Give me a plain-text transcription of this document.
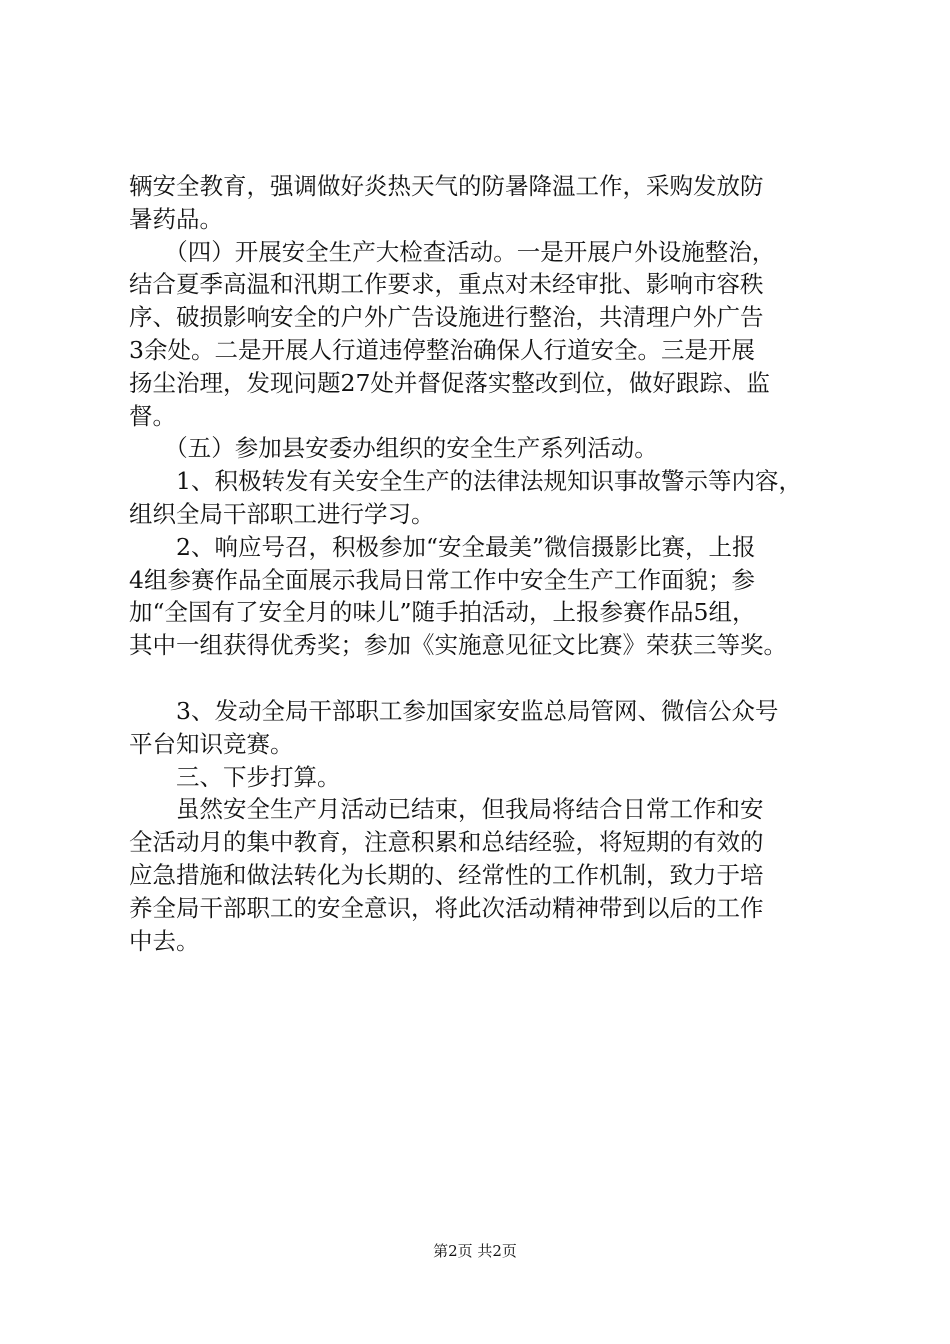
辆安全教育，强调做好炎热天气的防暑降温工作，采购发放防
暑药品。
　　（四）开展安全生产大检查活动。一是开展户外设施整治，
结合夏季高温和汛期工作要求，重点对未经审批、影响市容秩
序、破损影响安全的户外广告设施进行整治，共清理户外广告
3余处。二是开展人行道违停整治确保人行道安全。三是开展
扬尘治理，发现问题27处并督促落实整改到位，做好跟踪、监
督。
　　（五）参加县安委办组织的安全生产系列活动。
　　1、积极转发有关安全生产的法律法规知识事故警示等内容，
组织全局干部职工进行学习。
　　2、响应号召，积极参加“安全最美”微信摄影比赛，上报
4组参赛作品全面展示我局日常工作中安全生产工作面貌；参
加“全国有了安全月的味儿”随手拍活动，上报参赛作品5组，
其中一组获得优秀奖；参加《实施意见征文比赛》荣获三等奖。
　　3、发动全局干部职工参加国家安监总局管网、微信公众号
平台知识竞赛。
　　三、下步打算。
　　虽然安全生产月活动已结束，但我局将结合日常工作和安
全活动月的集中教育，注意积累和总结经验，将短期的有效的
应急措施和做法转化为长期的、经常性的工作机制，致力于培
养全局干部职工的安全意识，将此次活动精神带到以后的工作
中去。
第2页 共2页
